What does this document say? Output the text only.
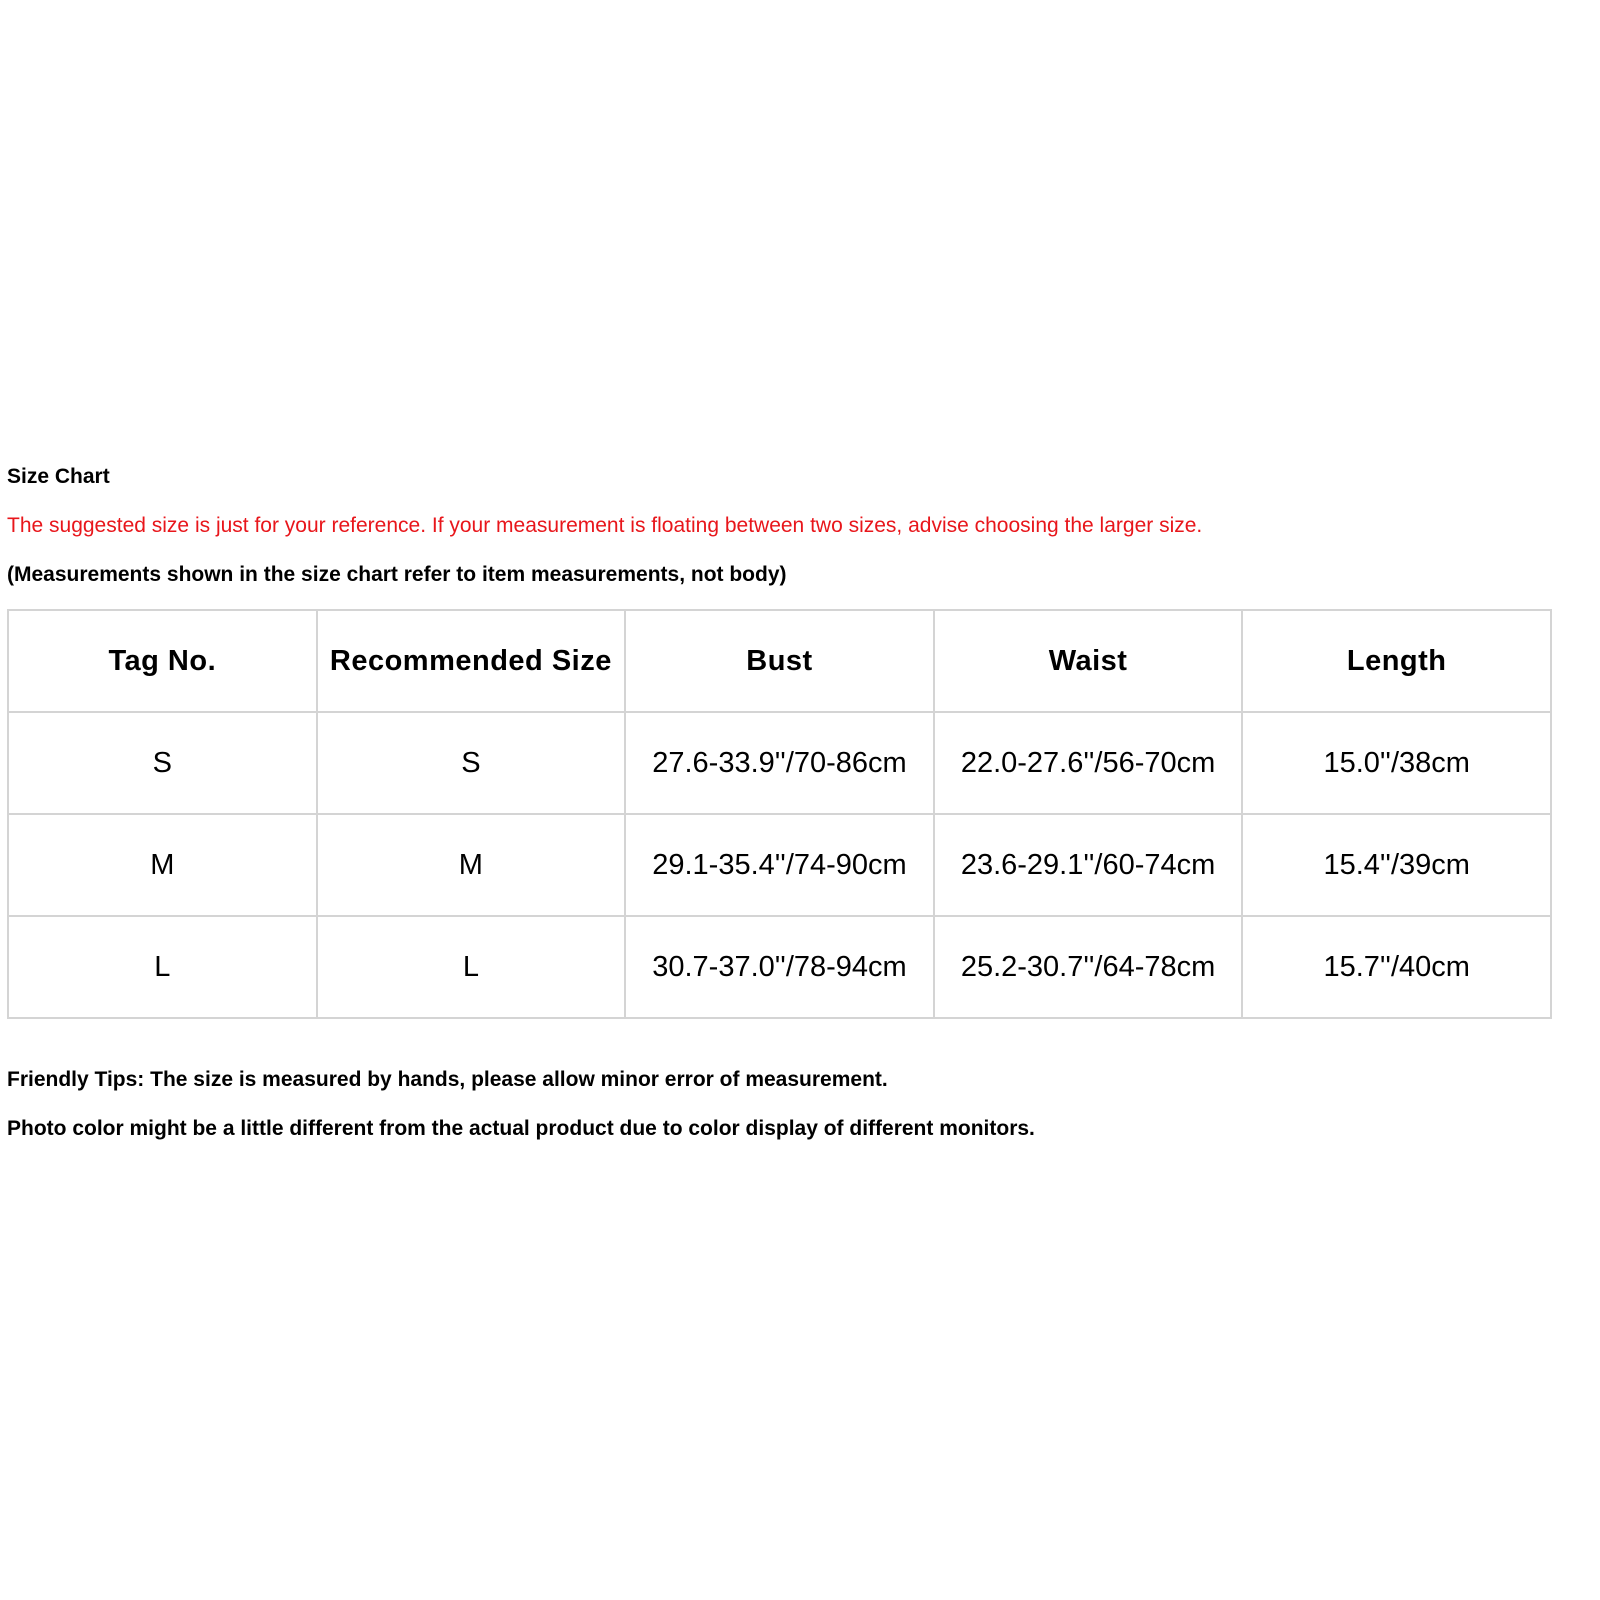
Size Chart
The suggested size is just for your reference. If your measurement is floating between two sizes, advise choosing the larger size.
(Measurements shown in the size chart refer to item measurements, not body)
Tag No.	Recommended Size	Bust	Waist	Length
S	S	27.6-33.9''/70-86cm	22.0-27.6''/56-70cm	15.0''/38cm
M	M	29.1-35.4''/74-90cm	23.6-29.1''/60-74cm	15.4''/39cm
L	L	30.7-37.0''/78-94cm	25.2-30.7''/64-78cm	15.7''/40cm
Friendly Tips: The size is measured by hands, please allow minor error of measurement.
Photo color might be a little different from the actual product due to color display of different monitors.
